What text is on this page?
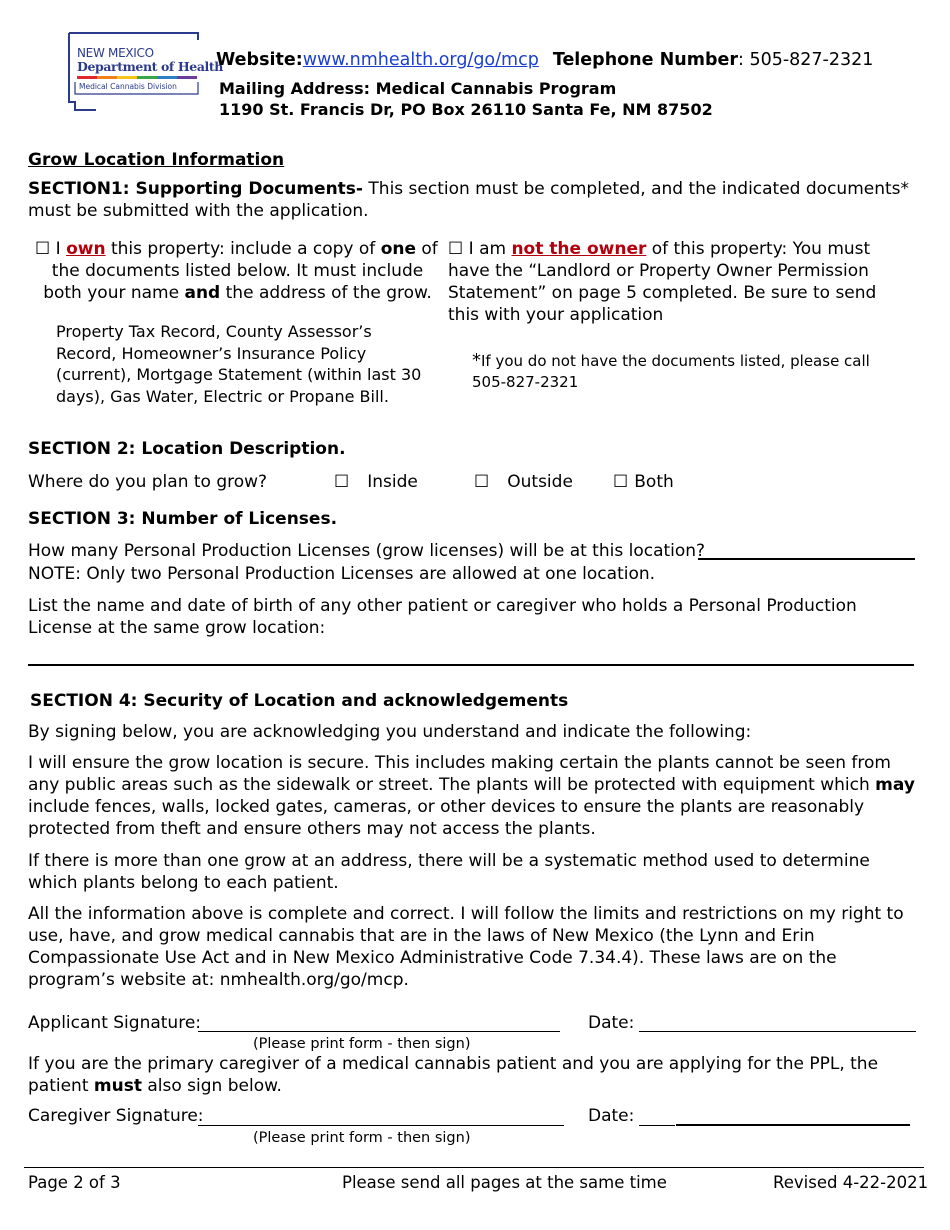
NEW MEXICO
Department of Health
Medical Cannabis Division
Website:www.nmhealth.org/go/mcp Telephone Number: 505-827-2321
Mailing Address: Medical Cannabis Program
1190 St. Francis Dr, PO Box 26110 Santa Fe, NM 87502
Grow Location Information
SECTION1: Supporting Documents- This section must be completed, and the indicated documents* must be submitted with the application.
☐ I own this property: include a copy of one of
the documents listed below. It must include
both your name and the address of the grow.
Property Tax Record, County Assessor’s Record, Homeowner’s Insurance Policy (current), Mortgage Statement (within last 30 days), Gas Water, Electric or Propane Bill.
☐ I am not the owner of this property: You must have the “Landlord or Property Owner Permission Statement” on page 5 completed. Be sure to send this with your application
*If you do not have the documents listed, please call 505-827-2321
SECTION 2: Location Description.
Where do you plan to grow?	☐ Inside	☐ Outside ☐ Both
SECTION 3: Number of Licenses.
How many Personal Production Licenses (grow licenses) will be at this location?
NOTE: Only two Personal Production Licenses are allowed at one location.
List the name and date of birth of any other patient or caregiver who holds a Personal Production License at the same grow location:
SECTION 4: Security of Location and acknowledgements
By signing below, you are acknowledging you understand and indicate the following:
I will ensure the grow location is secure. This includes making certain the plants cannot be seen from any public areas such as the sidewalk or street. The plants will be protected with equipment which may include fences, walls, locked gates, cameras, or other devices to ensure the plants are reasonably protected from theft and ensure others may not access the plants.
If there is more than one grow at an address, there will be a systematic method used to determine which plants belong to each patient.
All the information above is complete and correct. I will follow the limits and restrictions on my right to use, have, and grow medical cannabis that are in the laws of New Mexico (the Lynn and Erin Compassionate Use Act and in New Mexico Administrative Code 7.34.4). These laws are on the program’s website at: nmhealth.org/go/mcp.
Applicant Signature:	Date:
(Please print form - then sign)
If you are the primary caregiver of a medical cannabis patient and you are applying for the PPL, the patient must also sign below.
Caregiver Signature:	Date:
(Please print form - then sign)
Page 2 of 3	Please send all pages at the same time	Revised 4-22-2021
